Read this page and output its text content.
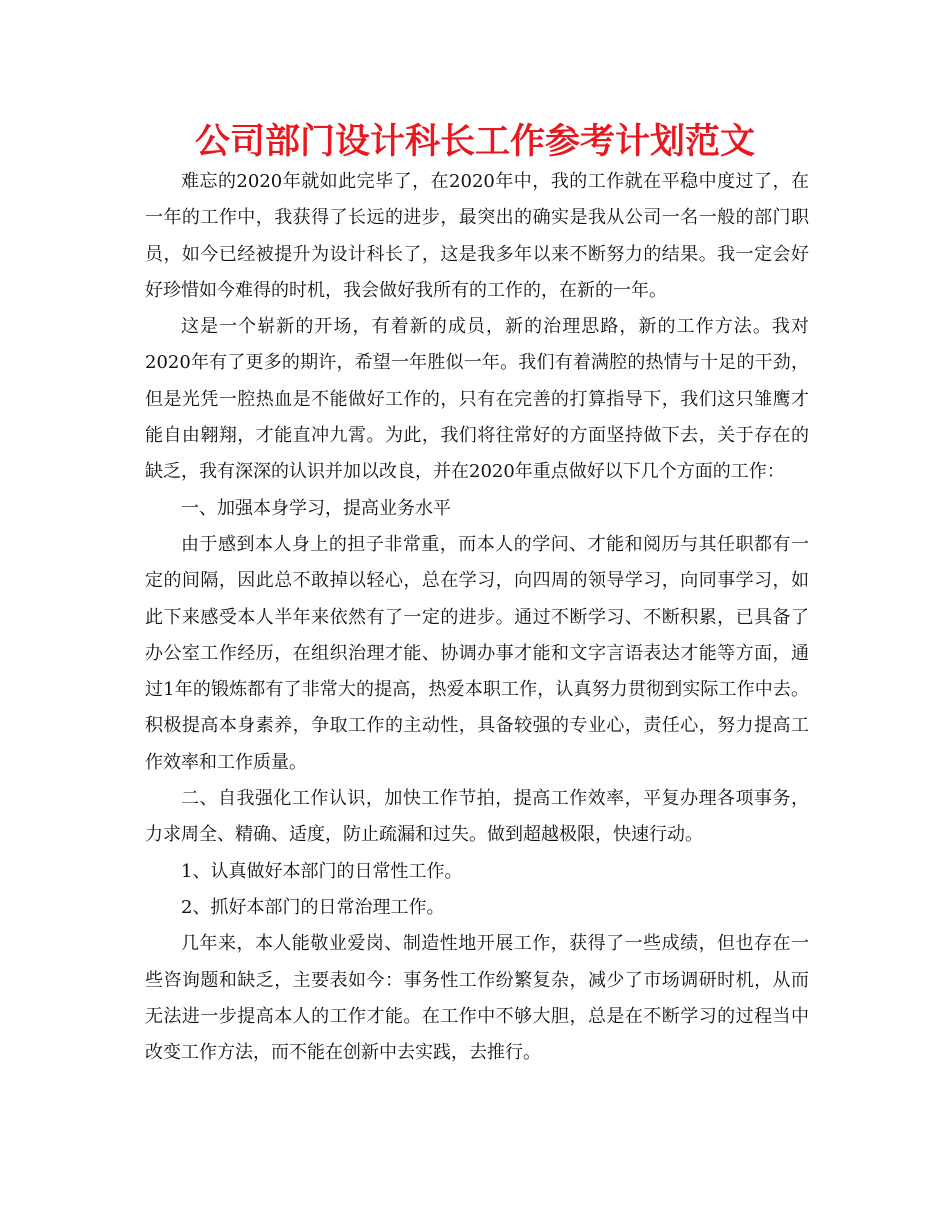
公司部门设计科长工作参考计划范文

难忘的2020年就如此完毕了，在2020年中，我的工作就在平稳中度过了，在一年的工作中，我获得了长远的进步，最突出的确实是我从公司一名一般的部门职员，如今已经被提升为设计科长了，这是我多年以来不断努力的结果。我一定会好好珍惜如今难得的时机，我会做好我所有的工作的，在新的一年。

这是一个崭新的开场，有着新的成员，新的治理思路，新的工作方法。我对2020年有了更多的期许，希望一年胜似一年。我们有着满腔的热情与十足的干劲，但是光凭一腔热血是不能做好工作的，只有在完善的打算指导下，我们这只雏鹰才能自由翱翔，才能直冲九霄。为此，我们将往常好的方面坚持做下去，关于存在的缺乏，我有深深的认识并加以改良，并在2020年重点做好以下几个方面的工作：

一、加强本身学习，提高业务水平

由于感到本人身上的担子非常重，而本人的学问、才能和阅历与其任职都有一定的间隔，因此总不敢掉以轻心，总在学习，向四周的领导学习，向同事学习，如此下来感受本人半年来依然有了一定的进步。通过不断学习、不断积累，已具备了办公室工作经历，在组织治理才能、协调办事才能和文字言语表达才能等方面，通过1年的锻炼都有了非常大的提高，热爱本职工作，认真努力贯彻到实际工作中去。积极提高本身素养，争取工作的主动性，具备较强的专业心，责任心，努力提高工作效率和工作质量。

二、自我强化工作认识，加快工作节拍，提高工作效率，平复办理各项事务，力求周全、精确、适度，防止疏漏和过失。做到超越极限，快速行动。

1、认真做好本部门的日常性工作。

2、抓好本部门的日常治理工作。

几年来，本人能敬业爱岗、制造性地开展工作，获得了一些成绩，但也存在一些咨询题和缺乏，主要表如今：事务性工作纷繁复杂，减少了市场调研时机，从而无法进一步提高本人的工作才能。在工作中不够大胆，总是在不断学习的过程当中改变工作方法，而不能在创新中去实践，去推行。
